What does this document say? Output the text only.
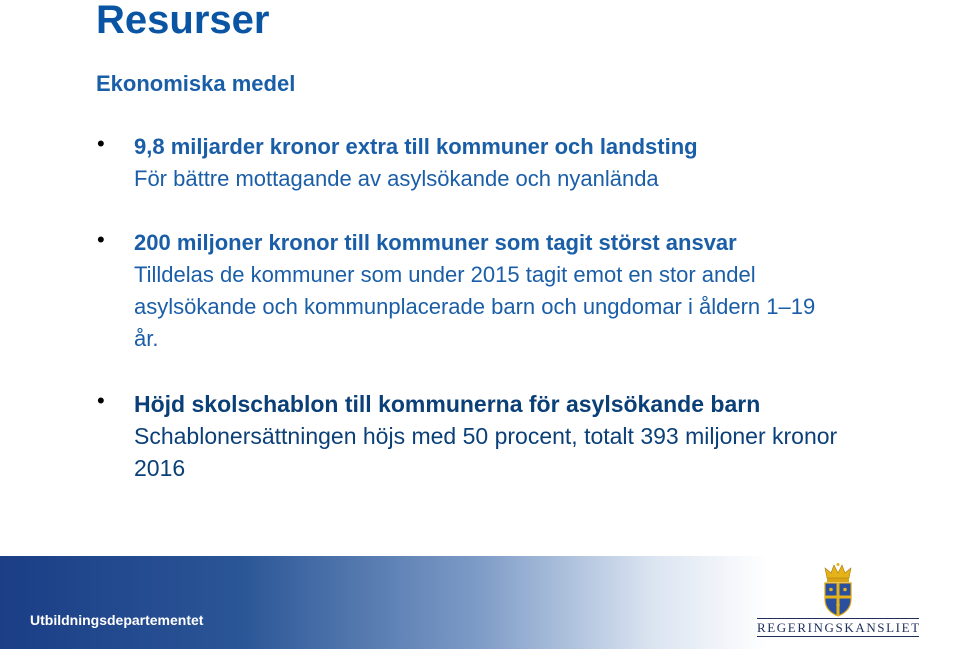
Resurser
Ekonomiska medel
• 9,8 miljarder kronor extra till kommuner och landsting
För bättre mottagande av asylsökande och nyanlända
• 200 miljoner kronor till kommuner som tagit störst ansvar
Tilldelas de kommuner som under 2015 tagit emot en stor andel asylsökande och kommunplacerade barn och ungdomar i åldern 1–19 år.
• Höjd skolschablon till kommunerna för asylsökande barn
Schablonersättningen höjs med 50 procent, totalt 393 miljoner kronor 2016
Utbildningsdepartementet	REGERINGSKANSLIET
